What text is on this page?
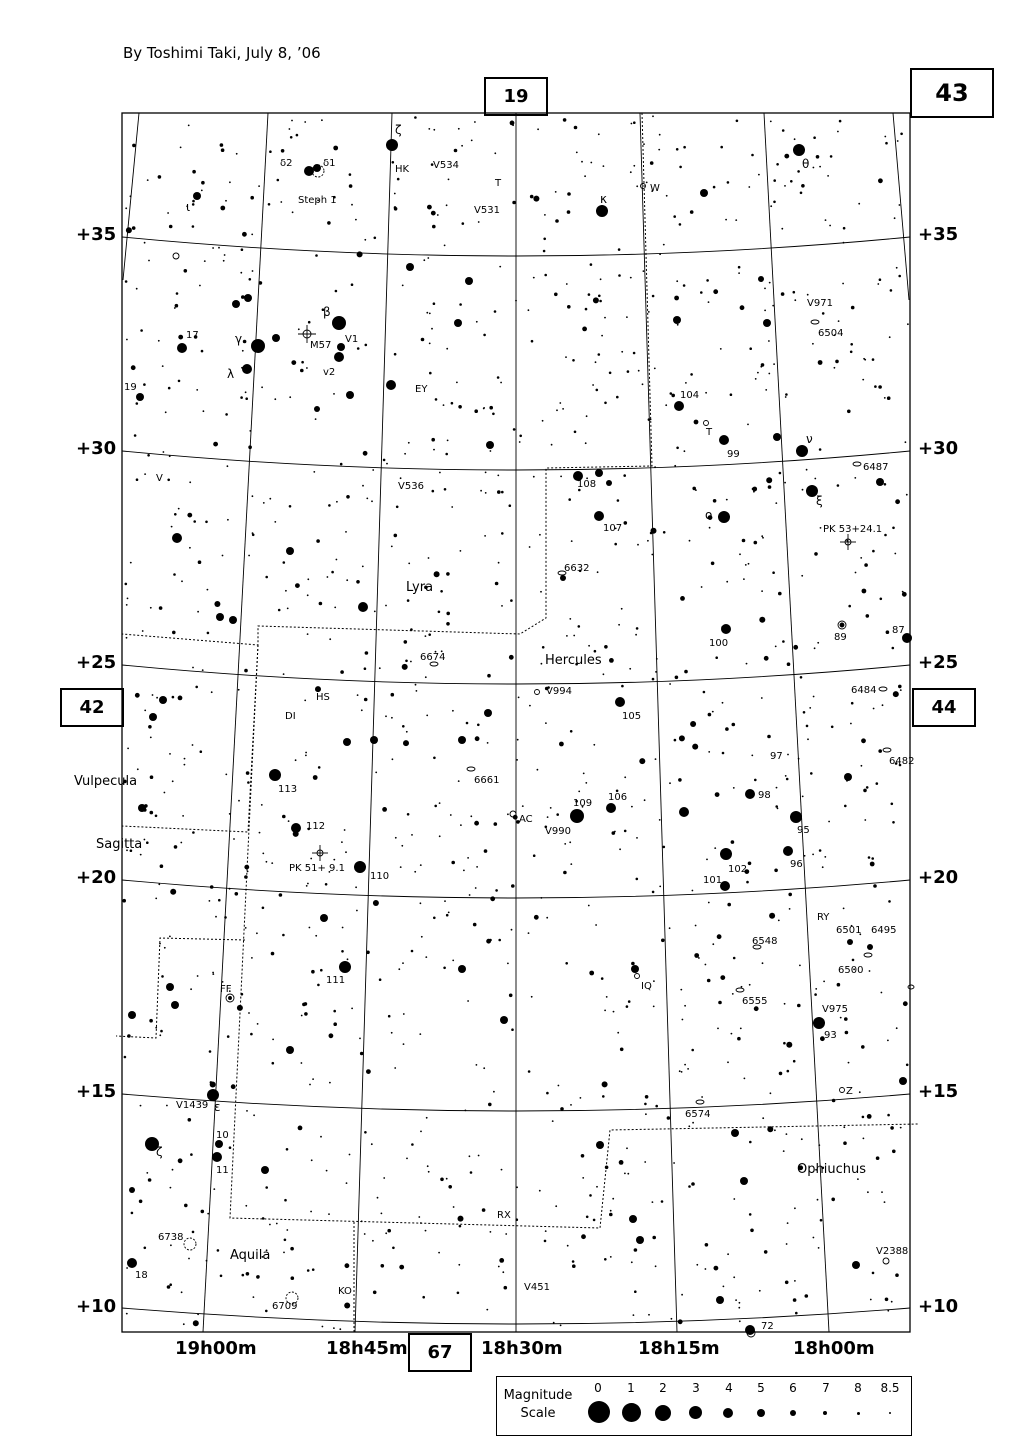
By Toshimi Taki, July 8, ’06
19	43
42	44
67
Lyra
Hercules
Vulpecula
Sagitta
Aquila
Ophiuchus
ζ
δ2	δ1
Steph 1
HK V534
T
V531
κ
W
θ
ι
β
V1
v2
γ
λ
17
19
M57
EY
104
T
99
ν
V971
6504
V
V536	108
107
ο
ξ
6487
PK 53+24.1
6632
100
89
87
6674
V994
105
6484
HS
DI
6661
113
109
106
AC
V990
97	6482
98
95
96
112
PK 51+ 9.1
110
102
101
RY
6501 6495
6548
6500
111
FF	IQ
6555
V975
93
ε
V1439
6574
Z
10
ζ
11
RX
6738
18
KO
6709
V451
72
V2388
+35	+35
+30	+30
+25	+25
+20	+20
+15	+15
+10	+10
19h00m	18h45m	18h30m	18h15m	18h00m
Magnitude Scale
0	1	2	3	4	5	6	7	8	8.5
